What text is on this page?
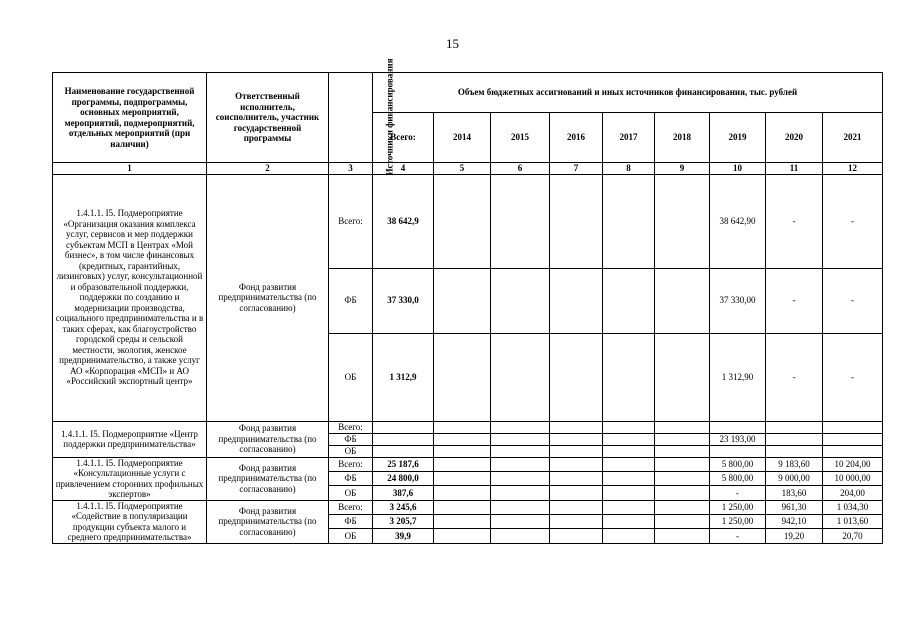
15
Наименование государственной программы, подпрограммы, основных мероприятий, мероприятий, подмероприятий, отдельных мероприятий (при наличии)	Ответственный исполнитель, соисполнитель, участник государственной программы	Источники финансирования	Объем бюджетных ассигнований и иных источников финансирования, тыс. рублей								
			Всего:	2014	2015	2016	2017	2018	2019	2020	2021
1	2	3	4	5	6	7	8	9	10	11	12
1.4.1.1. I5. Подмероприятие «Организация оказания комплекса услуг, сервисов и мер поддержки субъектам МСП в Центрах «Мой бизнес», в том числе финансовых (кредитных, гарантийных, лизинговых) услуг, консультационной и образовательной поддержки, поддержки по созданию и модернизации производства, социального предпринимательства и в таких сферах, как благоустройство городской среды и сельской местности, экология, женское предпринимательство, а также услуг АО «Корпорация «МСП» и АО «Российский экспортный центр»	Фонд развития предпринимательства (по согласованию)	Всего:	38 642,9						38 642,90	-	-
		ФБ	37 330,0						37 330,00	-	-
		ОБ	1 312,9						1 312,90	-	-
1.4.1.1. I5. Подмероприятие «Центр поддержки предпринимательства»	Фонд развития предпринимательства (по согласованию)	Всего:									
		ФБ							23 193,00		
		ОБ									
1.4.1.1. I5. Подмероприятие «Консультационные услуги с привлечением сторонних профильных экспертов»	Фонд развития предпринимательства (по согласованию)	Всего:	25 187,6						5 800,00	9 183,60	10 204,00
		ФБ	24 800,0						5 800,00	9 000,00	10 000,00
		ОБ	387,6						-	183,60	204,00
1.4.1.1. I5. Подмероприятие «Содействие в популяризации продукции субъекта малого и среднего предпринимательства»	Фонд развития предпринимательства (по согласованию)	Всего:	3 245,6						1 250,00	961,30	1 034,30
		ФБ	3 205,7						1 250,00	942,10	1 013,60
		ОБ	39,9						-	19,20	20,70
